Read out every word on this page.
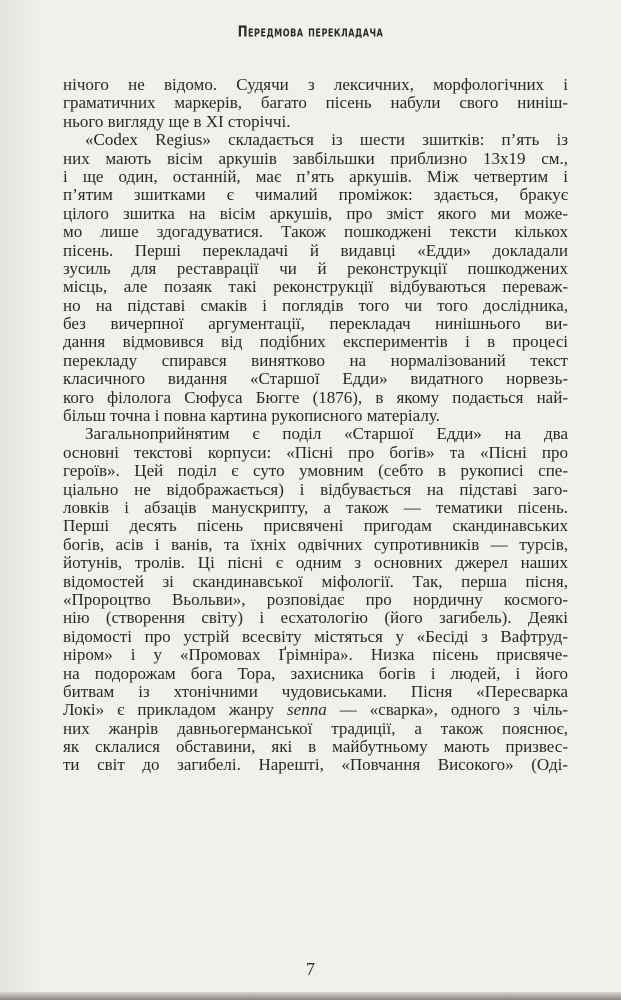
Передмова перекладача
нічого не відомо. Судячи з лексичних, морфологічних і
граматичних маркерів, багато пісень набули свого ниніш-
нього вигляду ще в XI сторіччі.
«Codex Regius» складається із шести зшитків: п’ять із
них мають вісім аркушів завбільшки приблизно 13х19 см.,
і ще один, останній, має п’ять аркушів. Між четвертим і
п’ятим зшитками є чималий проміжок: здається, бракує
цілого зшитка на вісім аркушів, про зміст якого ми може-
мо лише здогадуватися. Також пошкоджені тексти кількох
пісень. Перші перекладачі й видавці «Едди» докладали
зусиль для реставрації чи й реконструкції пошкоджених
місць, але позаяк такі реконструкції відбуваються переваж-
но на підставі смаків і поглядів того чи того дослідника,
без вичерпної аргументації, перекладач нинішнього ви-
дання відмовився від подібних експериментів і в процесі
перекладу спирався винятково на нормалізований текст
класичного видання «Старшої Едди» видатного норвезь-
кого філолога Сюфуса Бюгге (1876), в якому подається най-
більш точна і повна картина рукописного матеріалу.
Загальноприйнятим є поділ «Старшої Едди» на два
основні текстові корпуси: «Пісні про богів» та «Пісні про
героїв». Цей поділ є суто умовним (себто в рукописі спе-
ціально не відображається) і відбувається на підставі заго-
ловків і абзаців манускрипту, а також — тематики пісень.
Перші десять пісень присвячені пригодам скандинавських
богів, асів і ванів, та їхніх одвічних супротивників — турсів,
йотунів, тролів. Ці пісні є одним з основних джерел наших
відомостей зі скандинавської міфології. Так, перша пісня,
«Пророцтво Вьольви», розповідає про нордичну космого-
нію (створення світу) і есхатологію (його загибель). Деякі
відомості про устрій всесвіту містяться у «Бесіді з Вафтруд-
ніром» і у «Промовах Ґрімніра». Низка пісень присвяче-
на подорожам бога Тора, захисника богів і людей, і його
битвам із хтонічними чудовиськами. Пісня «Пересварка
Локі» є прикладом жанру senna — «сварка», одного з чіль-
них жанрів давньогерманської традиції, а також пояснює,
як склалися обставини, які в майбутньому мають призвес-
ти світ до загибелі. Нарешті, «Повчання Високого» (Оді-
7
